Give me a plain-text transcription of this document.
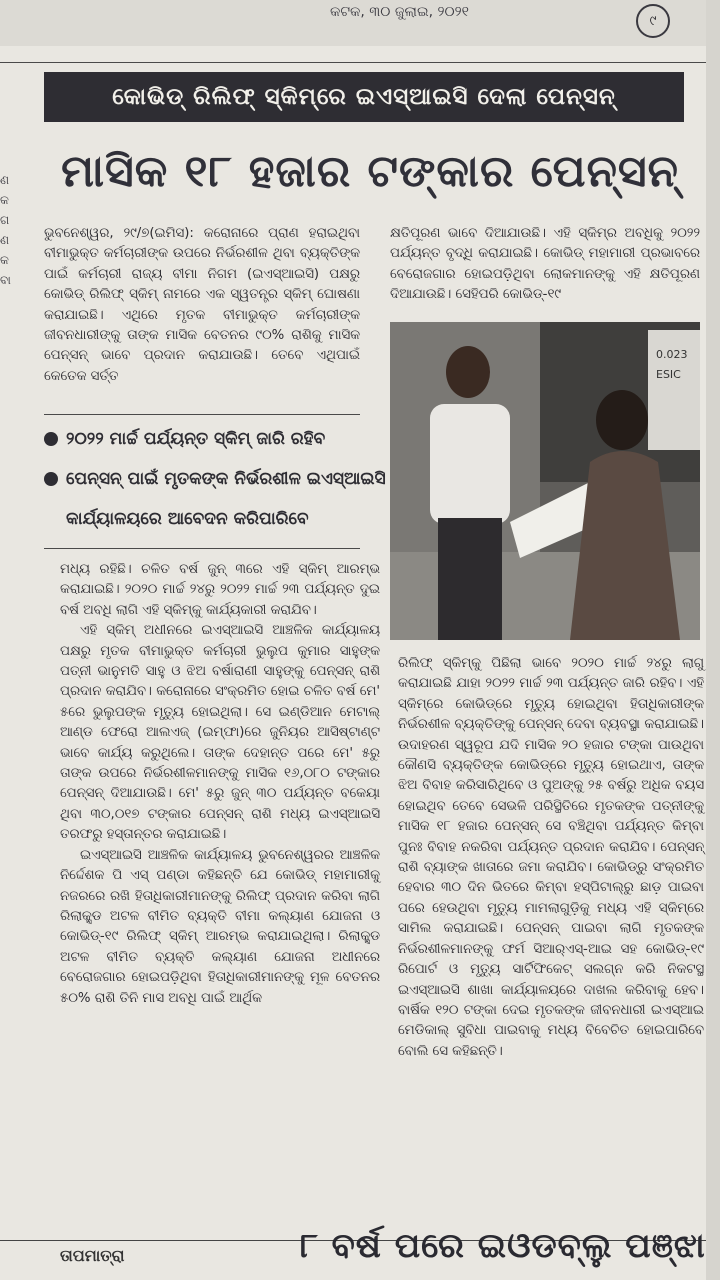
କଟକ, ୩୦ ଜୁଲାଇ, ୨୦୨୧
୯
କୋଭିଡ୍ ରିଲିଫ୍ ସ୍କିମ୍‌ରେ ଇଏସ୍ଆଇସି ଦେଲା ପେନ୍‌ସନ୍
ମାସିକ ୧୮ ହଜାର ଟଙ୍କାର ପେନ୍‌ସନ୍
ଣ
କ
ଗ
ଣ
କ
ବା

ଭୁବନେଶ୍ୱର, ୨୯/୭(ଇମିସ): କରୋନାରେ ପ୍ରାଣ ହରାଇଥିବା ବୀମାଭୁକ୍ତ କର୍ମଚାରୀଙ୍କ ଉପରେ ନିର୍ଭରଶୀଳ ଥିବା ବ୍ୟକ୍ତିଙ୍କ ପାଇଁ କର୍ମଚାରୀ ରାଜ୍ୟ ବୀମା ନିଗମ (ଇଏସ୍ଆଇସି) ପକ୍ଷରୁ କୋଭିଡ୍ ରିଲିଫ୍ ସ୍କିମ୍ ନାମରେ ଏକ ସ୍ୱତନ୍ତ୍ର ସ୍କିମ୍ ଘୋଷଣା କରାଯାଇଛି। ଏଥିରେ ମୃତକ ବୀମାଭୁକ୍ତ କର୍ମଚାରୀଙ୍କ ଜୀବନଧାରୀଙ୍କୁ ତାଙ୍କ ମାସିକ ବେତନର ୯୦% ରାଶିକୁ ମାସିକ ପେନ୍‌ସନ୍ ଭାବେ ପ୍ରଦାନ କରାଯାଉଛି। ତେବେ ଏଥିପାଇଁ କେତେକ ସର୍ତ୍ତ

୨୦୨୨ ମାର୍ଚ୍ଚ ପର୍ଯ୍ୟନ୍ତ ସ୍କିମ୍ ଜାରି ରହିବ
ପେନ୍‌ସନ୍ ପାଇଁ ମୃତକଙ୍କ ନିର୍ଭରଶୀଳ ଇଏସ୍ଆଇସି
କାର୍ଯ୍ୟାଳୟରେ ଆବେଦନ କରିପାରିବେ

ମଧ୍ୟ ରହିଛି। ଚଳିତ ବର୍ଷ ଜୁନ୍ ୩ରେ ଏହି ସ୍କିମ୍ ଆରମ୍ଭ କରାଯାଇଛି। ୨୦୨୦ ମାର୍ଚ୍ଚ ୨୪ରୁ ୨୦୨୨ ମାର୍ଚ୍ଚ ୨୩ ପର୍ଯ୍ୟନ୍ତ ଦୁଇ ବର୍ଷ ଅବଧି ଲାଗି ଏହି ସ୍କିମ୍‌କୁ କାର୍ଯ୍ୟକାରୀ କରାଯିବ।

ଏହି ସ୍କିମ୍ ଅଧୀନରେ ଇଏସ୍ଆଇସି ଆଞ୍ଚଳିକ କାର୍ଯ୍ୟାଳୟ ପକ୍ଷରୁ ମୃତକ ବୀମାଭୁକ୍ତ କର୍ମଚାରୀ ଭୁଲୁପ କୁମାର ସାହୁଙ୍କ ପତ୍ନୀ ଭାନୁମତି ସାହୁ ଓ ଝିଅ ବର୍ଷାରାଣୀ ସାହୁଙ୍କୁ ପେନ୍‌ସନ୍ ରାଶି ପ୍ରଦାନ କରାଯିବ। କରୋନାରେ ସଂକ୍ରମିତ ହୋଇ ଚଳିତ ବର୍ଷ ମେ' ୫ରେ ଭୁଲୁପଙ୍କ ମୃତ୍ୟୁ ହୋଇଥିଲା। ସେ ଇଣ୍ଡିଆନ ମେଟାଲ୍ ଆଣ୍ଡ ଫେରୋ ଆଲଏଜ୍ (ଇମ୍ଫା)ରେ ଜୁନିୟର ଆସିଷ୍ଟାଣ୍ଟ ଭାବେ କାର୍ଯ୍ୟ କରୁଥିଲେ। ତାଙ୍କ ଦେହାନ୍ତ ପରେ ମେ' ୫ରୁ ତାଙ୍କ ଉପରେ ନିର୍ଭରଶୀଳମାନଙ୍କୁ ମାସିକ ୧୬,୦୮୦ ଟଙ୍କାର ପେନ୍‌ସନ୍ ଦିଆଯାଉଛି। ମେ' ୫ରୁ ଜୁନ୍ ୩୦ ପର୍ଯ୍ୟନ୍ତ ବକେୟା ଥିବା ୩୦,୦୧୭ ଟଙ୍କାର ପେନ୍‌ସନ୍ ରାଶି ମଧ୍ୟ ଇଏସ୍ଆଇସି ତରଫରୁ ହସ୍ତାନ୍ତର କରାଯାଇଛି।

ଇଏସ୍ଆଇସି ଆଞ୍ଚଳିକ କାର୍ଯ୍ୟାଳୟ ଭୁବନେଶ୍ୱରର ଆଞ୍ଚଳିକ ନିର୍ଦ୍ଦେଶକ ପି ଏସ୍ ପଣ୍ଡା କହିଛନ୍ତି ଯେ କୋଭିଡ୍ ମହାମାରୀକୁ ନଜରରେ ରଖି ହିତାଧିକାରୀମାନଙ୍କୁ ରିଲିଫ୍ ପ୍ରଦାନ କରିବା ଲାଗି ରିଲାକ୍ସ୍ଡ ଅଟଳ ବୀମିତ ବ୍ୟକ୍ତି ବୀମା କଲ୍ୟାଣ ଯୋଜନା ଓ କୋଭିଡ୍-୧୯ ରିଲିଫ୍ ସ୍କିମ୍ ଆରମ୍ଭ କରାଯାଇଥିଲା। ରିଲାକ୍ସ୍ଡ ଅଟଳ ବୀମିତ ବ୍ୟକ୍ତି କଲ୍ୟାଣ ଯୋଜନା ଅଧୀନରେ ବେରୋଜଗାର ହୋଇପଡ଼ିଥିବା ହିତାଧିକାରୀମାନଙ୍କୁ ମୂଳ ବେତନର ୫୦% ରାଶି ତିନି ମାସ ଅବଧି ପାଇଁ ଆର୍ଥିକ

କ୍ଷତିପୂରଣ ଭାବେ ଦିଆଯାଉଛି। ଏହି ସ୍କିମ୍‌ର ଅବଧିକୁ ୨୦୨୨ ପର୍ଯ୍ୟନ୍ତ ବୃଦ୍ଧି କରାଯାଇଛି। କୋଭିଡ୍ ମହାମାରୀ ପ୍ରଭାବରେ ବେରୋଜଗାର ହୋଇପଡ଼ିଥିବା ଲୋକମାନଙ୍କୁ ଏହି କ୍ଷତିପୂରଣ ଦିଆଯାଉଛି। ସେହିପରି କୋଭିଡ୍-୧୯

0.023
ESIC

ରିଲିଫ୍ ସ୍କିମ୍‌କୁ ପିଛିଲା ଭାବେ ୨୦୨୦ ମାର୍ଚ୍ଚ ୨୪ରୁ ଲାଗୁ କରାଯାଇଛି ଯାହା ୨୦୨୨ ମାର୍ଚ୍ଚ ୨୩ ପର୍ଯ୍ୟନ୍ତ ଜାରି ରହିବ। ଏହି ସ୍କିମ୍‌ରେ କୋଭିଡ୍‌ରେ ମୃତ୍ୟୁ ହୋଇଥିବା ହିତାଧିକାରୀଙ୍କ ନିର୍ଭରଶୀଳ ବ୍ୟକ୍ତିଙ୍କୁ ପେନ୍‌ସନ୍ ଦେବା ବ୍ୟବସ୍ଥା କରାଯାଇଛି। ଉଦାହରଣ ସ୍ୱରୂପ ଯଦି ମାସିକ ୨୦ ହଜାର ଟଙ୍କା ପାଉଥିବା କୌଣସି ବ୍ୟକ୍ତିଙ୍କ କୋଭିଡ୍‌ରେ ମୃତ୍ୟୁ ହୋଇଥାଏ, ତାଙ୍କ ଝିଅ ବିବାହ କରିସାରିଥିବେ ଓ ପୁଅଙ୍କୁ ୨୫ ବର୍ଷରୁ ଅଧିକ ବୟସ ହୋଇଥିବ ତେବେ ସେଭଳି ପରିସ୍ଥିତିରେ ମୃତକଙ୍କ ପତ୍ନୀଙ୍କୁ ମାସିକ ୧୮ ହଜାର ପେନ୍‌ସନ୍ ସେ ବଞ୍ଚିଥିବା ପର୍ଯ୍ୟନ୍ତ କିମ୍ବା ପୁନଃ ବିବାହ ନକରିବା ପର୍ଯ୍ୟନ୍ତ ପ୍ରଦାନ କରାଯିବ। ପେନ୍‌ସନ୍ ରାଶି ବ୍ୟାଙ୍କ ଖାତାରେ ଜମା କରାଯିବ। କୋଭିଡ୍‌ରୁ ସଂକ୍ରମିତ ହେବାର ୩୦ ଦିନ ଭିତରେ କିମ୍ବା ହସ୍ପିଟାଲ୍‌ରୁ ଛାଡ଼ ପାଇବା ପରେ ହେଉଥିବା ମୃତ୍ୟୁ ମାମଲାଗୁଡ଼ିକୁ ମଧ୍ୟ ଏହି ସ୍କିମ୍‌ରେ ସାମିଲ କରାଯାଇଛି। ପେନ୍‌ସନ୍ ପାଇବା ଲାଗି ମୃତକଙ୍କ ନିର୍ଭରଶୀଳମାନଙ୍କୁ ଫର୍ମ ସିଆର୍‌ଏସ୍-ଆଇ ସହ କୋଭିଡ୍-୧୯ ରିପୋର୍ଟ ଓ ମୃତ୍ୟୁ ସାର୍ଟିଫିକେଟ୍ ସଲଗ୍ନ କରି ନିକଟସ୍ଥ ଇଏସ୍ଆଇସି ଶାଖା କାର୍ଯ୍ୟାଳୟରେ ଦାଖଲ କରିବାକୁ ହେବ। ବାର୍ଷିକ ୧୨୦ ଟଙ୍କା ଦେଇ ମୃତକଙ୍କ ଜୀବନଧାରୀ ଇଏସ୍ଆଇ ମେଡିକାଲ୍ ସୁବିଧା ପାଇବାକୁ ମଧ୍ୟ ବିବେଚିତ ହୋଇପାରିବେ ବୋଲି ସେ କହିଛନ୍ତି।

ତାପମାତ୍ରା	୮ ବର୍ଷ ପରେ ଇଓଡବ୍ଲୁ ପଞ୍ଝା
